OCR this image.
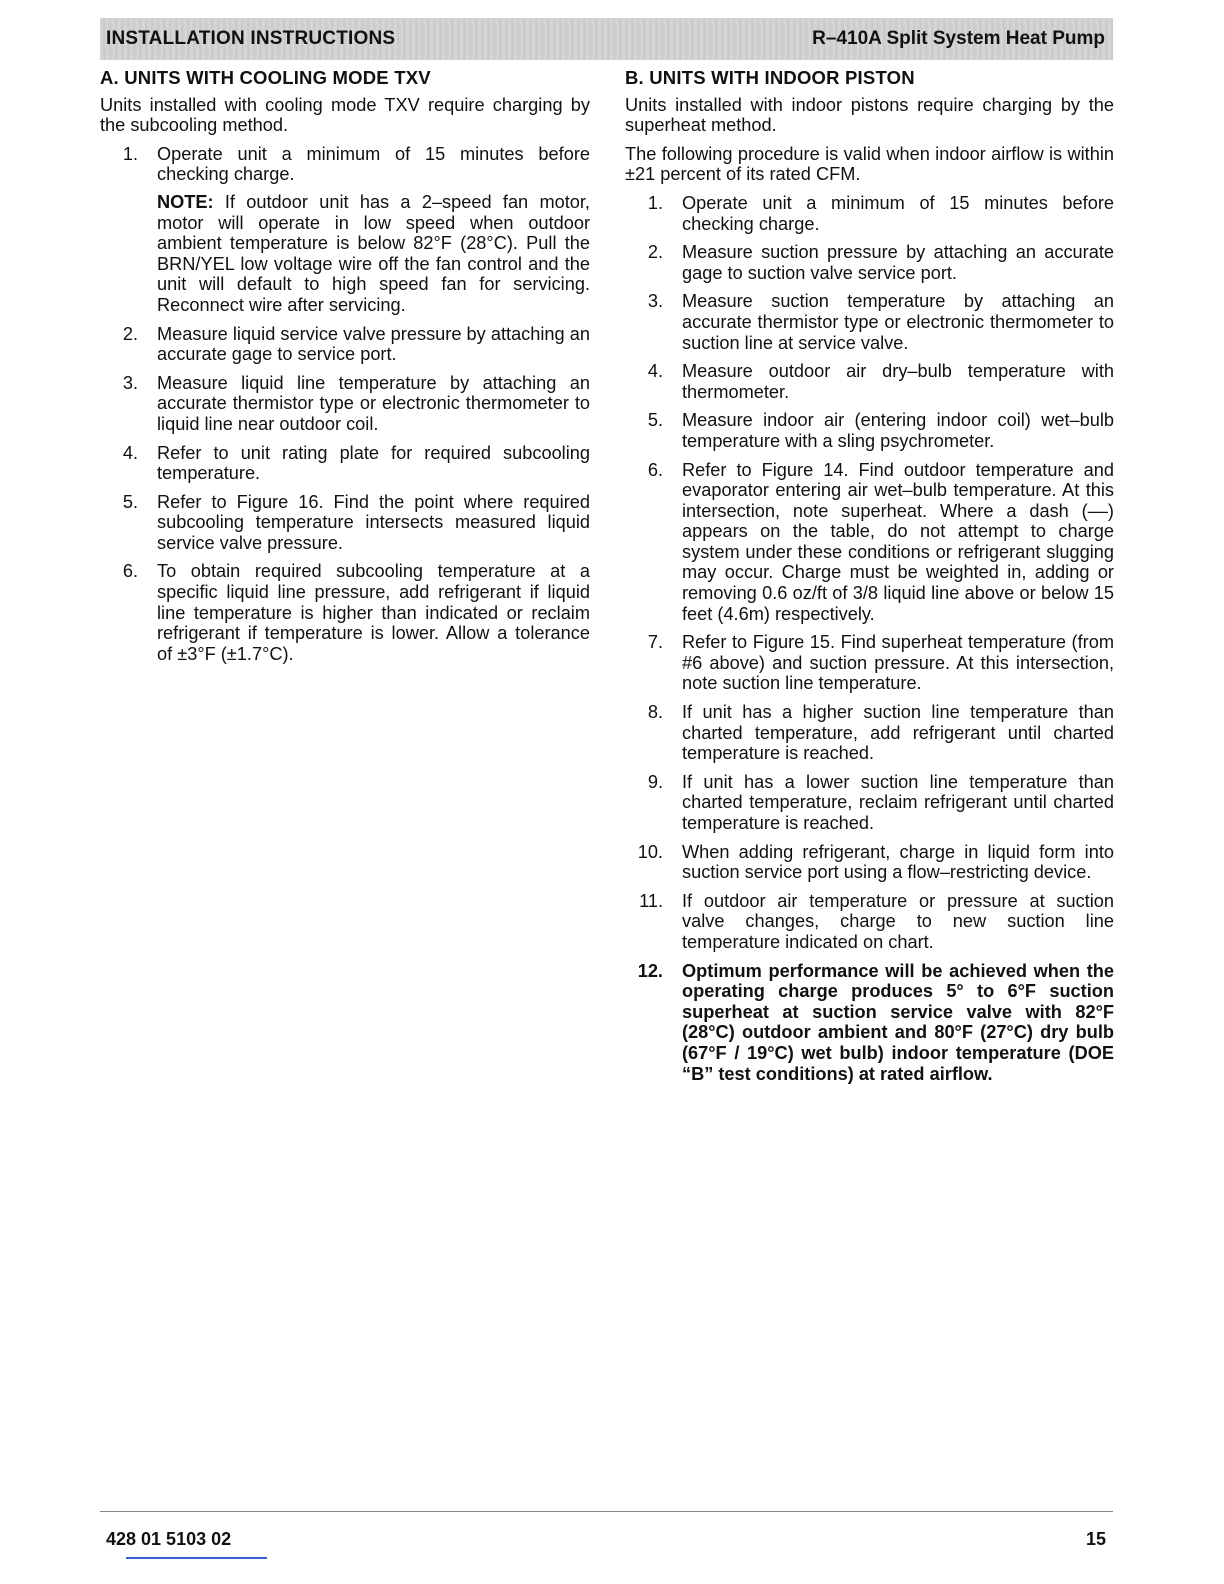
INSTALLATION INSTRUCTIONS	R–410A Split System Heat Pump
A. UNITS WITH COOLING MODE TXV

Units installed with cooling mode TXV require charging by the subcooling method.

1. Operate unit a minimum of 15 minutes before checking charge.
NOTE: If outdoor unit has a 2–speed fan motor, motor will operate in low speed when outdoor ambient temperature is below 82°F (28°C). Pull the BRN/YEL low voltage wire off the fan control and the unit will default to high speed fan for servicing. Reconnect wire after servicing.
2. Measure liquid service valve pressure by attaching an accurate gage to service port.
3. Measure liquid line temperature by attaching an accurate thermistor type or electronic thermometer to liquid line near outdoor coil.
4. Refer to unit rating plate for required subcooling temperature.
5. Refer to Figure 16. Find the point where required subcooling temperature intersects measured liquid service valve pressure.
6. To obtain required subcooling temperature at a specific liquid line pressure, add refrigerant if liquid line temperature is higher than indicated or reclaim refrigerant if temperature is lower. Allow a tolerance of ±3°F (±1.7°C).
B. UNITS WITH INDOOR PISTON

Units installed with indoor pistons require charging by the superheat method.

The following procedure is valid when indoor airflow is within ±21 percent of its rated CFM.

1. Operate unit a minimum of 15 minutes before checking charge.
2. Measure suction pressure by attaching an accurate gage to suction valve service port.
3. Measure suction temperature by attaching an accurate thermistor type or electronic thermometer to suction line at service valve.
4. Measure outdoor air dry–bulb temperature with thermometer.
5. Measure indoor air (entering indoor coil) wet–bulb temperature with a sling psychrometer.
6. Refer to Figure 14. Find outdoor temperature and evaporator entering air wet–bulb temperature. At this intersection, note superheat. Where a dash (––) appears on the table, do not attempt to charge system under these conditions or refrigerant slugging may occur. Charge must be weighted in, adding or removing 0.6 oz/ft of 3/8 liquid line above or below 15 feet (4.6m) respectively.
7. Refer to Figure 15. Find superheat temperature (from #6 above) and suction pressure. At this intersection, note suction line temperature.
8. If unit has a higher suction line temperature than charted temperature, add refrigerant until charted temperature is reached.
9. If unit has a lower suction line temperature than charted temperature, reclaim refrigerant until charted temperature is reached.
10. When adding refrigerant, charge in liquid form into suction service port using a flow–restricting device.
11. If outdoor air temperature or pressure at suction valve changes, charge to new suction line temperature indicated on chart.
12. Optimum performance will be achieved when the operating charge produces 5° to 6°F suction superheat at suction service valve with 82°F (28°C) outdoor ambient and 80°F (27°C) dry bulb (67°F / 19°C) wet bulb) indoor temperature (DOE “B” test conditions) at rated airflow.
428 01 5103 02	15
